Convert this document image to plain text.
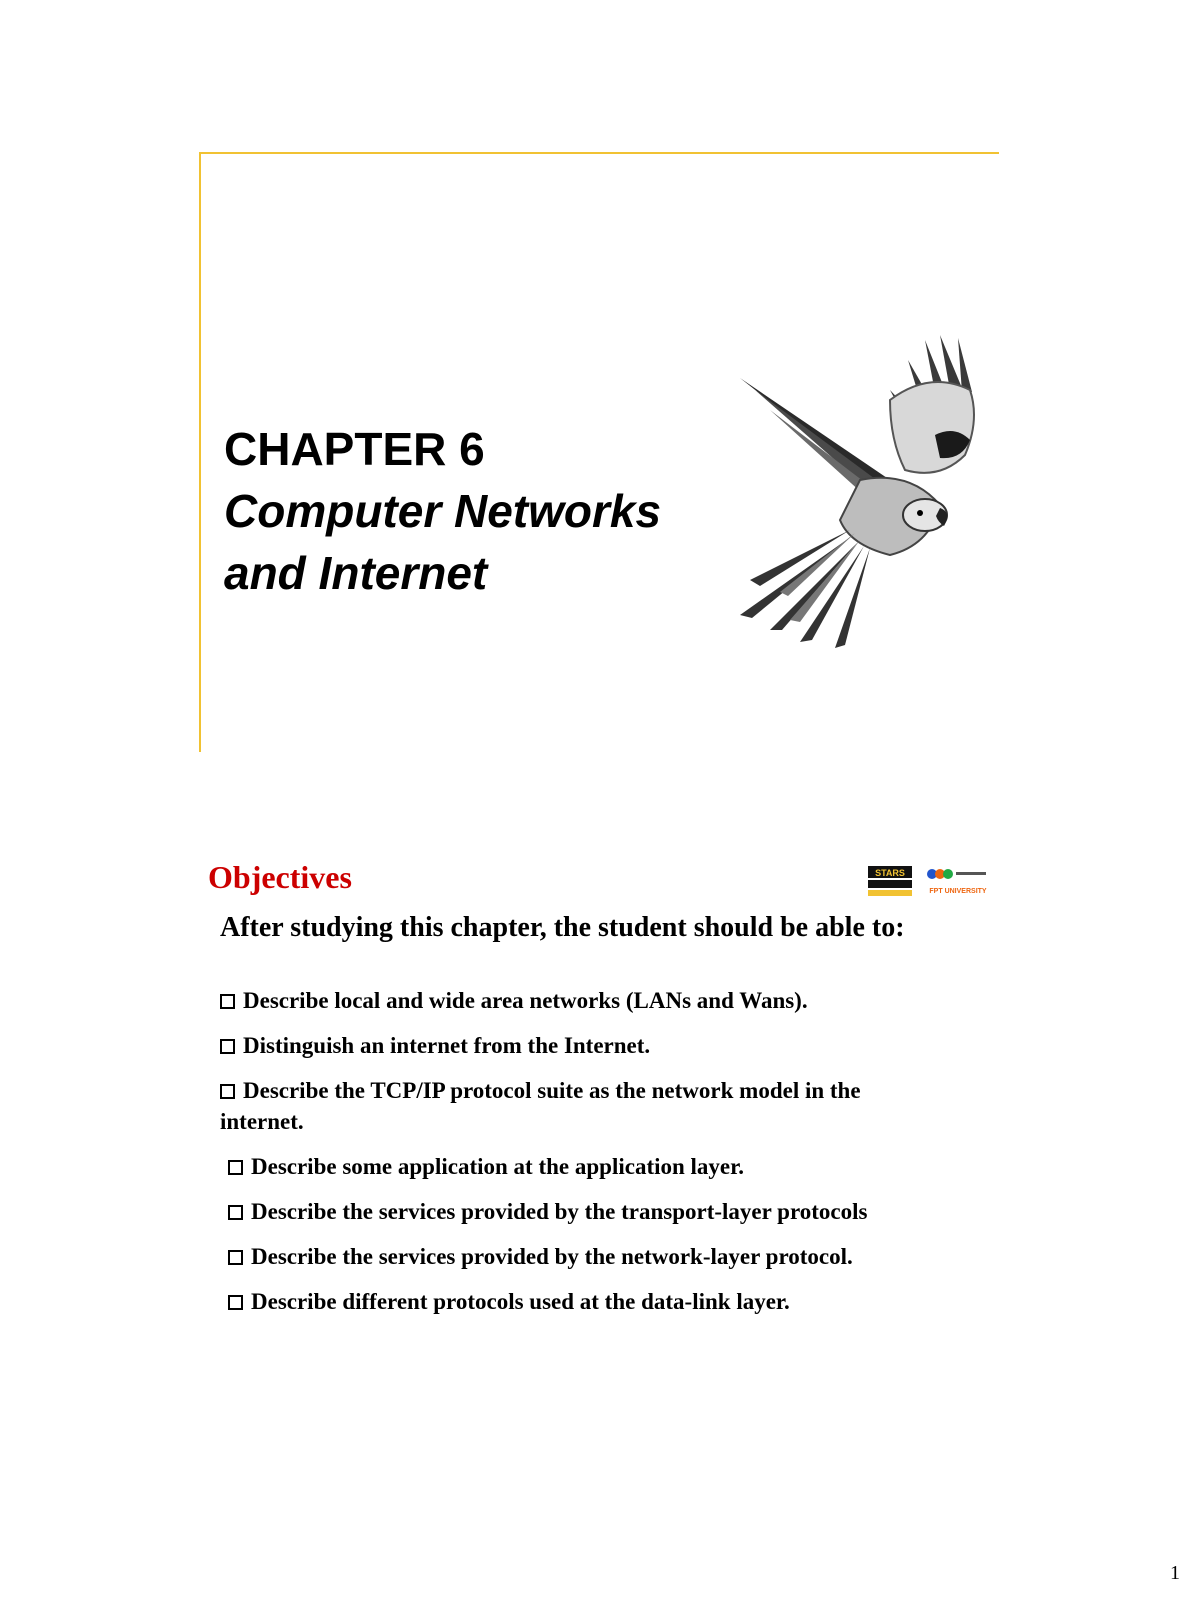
CHAPTER 6
Computer Networks
and Internet
Objectives	STARS
FPT UNIVERSITY

After studying this chapter, the student should be able to:

Describe local and wide area networks (LANs and Wans).
Distinguish an internet from the Internet.
Describe the TCP/IP protocol suite as the network model in the internet.
Describe some application at the application layer.
Describe the services provided by the transport-layer protocols
Describe the services provided by the network-layer protocol.
Describe different protocols used at the data-link layer.

1
